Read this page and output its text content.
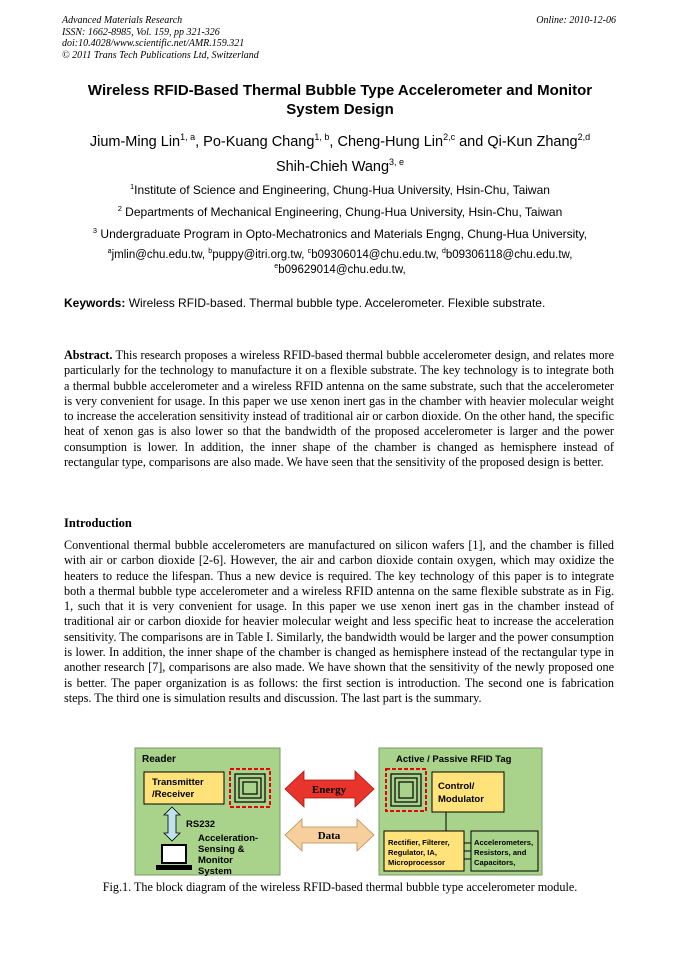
Advanced Materials Research
ISSN: 1662-8985, Vol. 159, pp 321-326
doi:10.4028/www.scientific.net/AMR.159.321
© 2011 Trans Tech Publications Ltd, Switzerland
Online: 2010-12-06
Wireless RFID-Based Thermal Bubble Type Accelerometer and Monitor
System Design
Jium-Ming Lin$^{1, a}$, Po-Kuang Chang$^{1, b}$, Cheng-Hung Lin$^{2,c}$ and Qi-Kun Zhang$^{2,d}$
Shih-Chieh Wang$^{3, e}$
$^1$Institute of Science and Engineering, Chung-Hua University, Hsin-Chu, Taiwan
$^2$ Departments of Mechanical Engineering, Chung-Hua University, Hsin-Chu, Taiwan
$^3$ Undergraduate Program in Opto-Mechatronics and Materials Engng, Chung-Hua University,
$^a$jmlin@chu.edu.tw, $^b$puppy@itri.org.tw, $^c$b09306014@chu.edu.tw, $^d$b09306118@chu.edu.tw,
$^e$b09629014@chu.edu.tw,
Keywords: Wireless RFID-based. Thermal bubble type. Accelerometer. Flexible substrate.
Abstract. This research proposes a wireless RFID-based thermal bubble accelerometer design, and relates more particularly for the technology to manufacture it on a flexible substrate. The key technology is to integrate both a thermal bubble accelerometer and a wireless RFID antenna on the same substrate, such that the accelerometer is very convenient for usage. In this paper we use xenon inert gas in the chamber with heavier molecular weight to increase the acceleration sensitivity instead of traditional air or carbon dioxide. On the other hand, the specific heat of xenon gas is also lower so that the bandwidth of the proposed accelerometer is larger and the power consumption is lower. In addition, the inner shape of the chamber is changed as hemisphere instead of rectangular type, comparisons are also made. We have seen that the sensitivity of the proposed design is better.
Introduction
Conventional thermal bubble accelerometers are manufactured on silicon wafers [1], and the chamber is filled with air or carbon dioxide [2-6]. However, the air and carbon dioxide contain oxygen, which may oxidize the heaters to reduce the lifespan. Thus a new device is required. The key technology of this paper is to integrate both a thermal bubble type accelerometer and a wireless RFID antenna on the same flexible substrate as in Fig. 1, such that it is very convenient for usage. In this paper we use xenon inert gas in the chamber instead of traditional air or carbon dioxide for heavier molecular weight and less specific heat to increase the acceleration sensitivity. The comparisons are in Table I. Similarly, the bandwidth would be larger and the power consumption is lower. In addition, the inner shape of the chamber is changed as hemisphere instead of the rectangular type in another research [7], comparisons are also made. We have shown that the sensitivity of the newly proposed one is better. The paper organization is as follows: the first section is introduction. The second one is fabrication steps. The third one is simulation results and discussion. The last part is the summary.
Reader
Transmitter
/Receiver
RS232
Acceleration-
Sensing &
Monitor
System
Energy
Data
Active / Passive RFID Tag
Control/
Modulator
Rectifier, Filterer,
Regulator, IA,
Microprocessor
Accelerometers,
Resistors, and
Capacitors,
Fig.1. The block diagram of the wireless RFID-based thermal bubble type accelerometer module.
